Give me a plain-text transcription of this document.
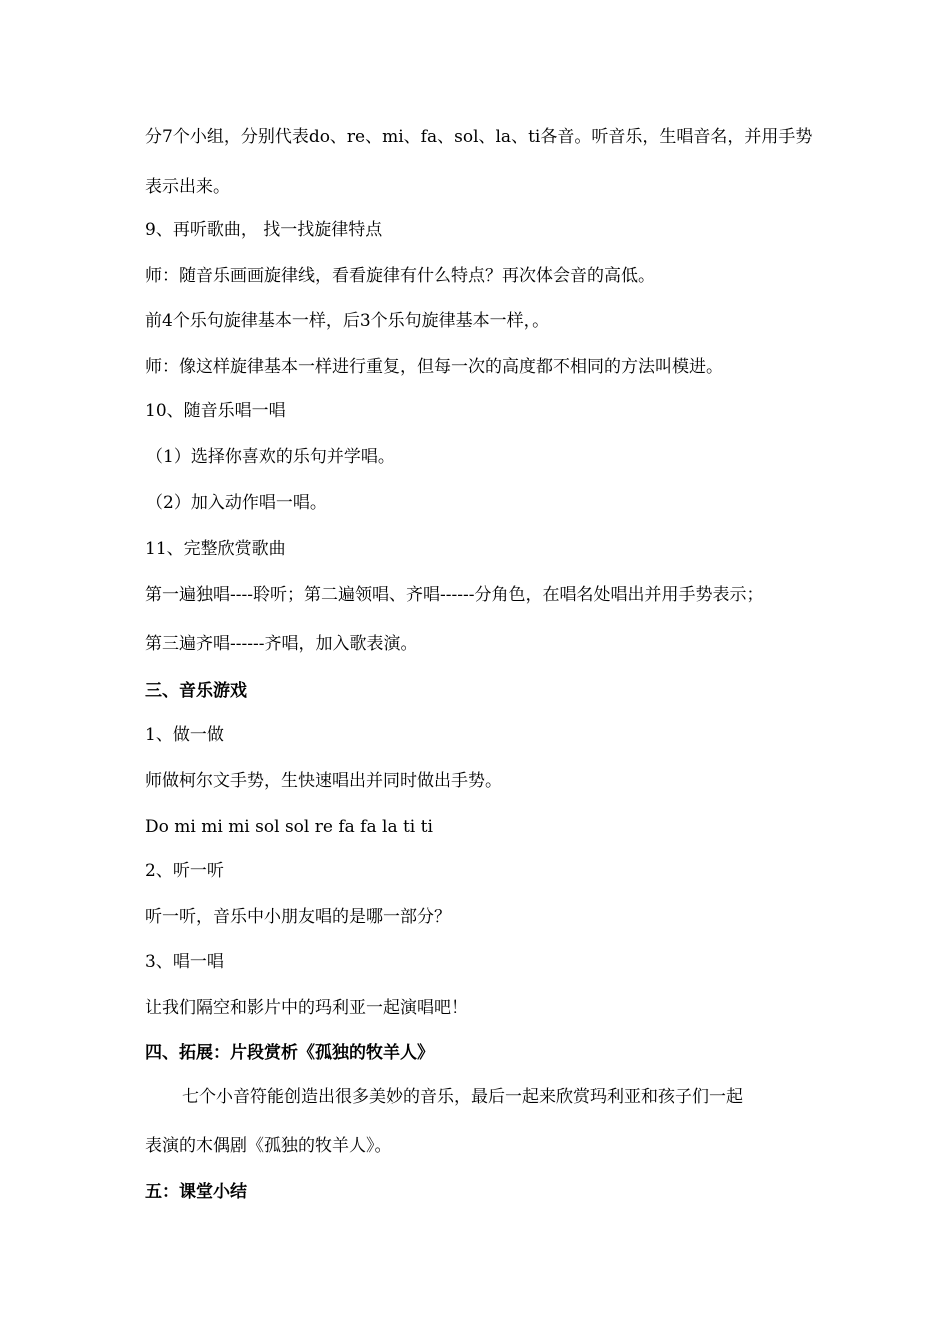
分7个小组，分别代表do、re、mi、fa、sol、la、ti各音。听音乐，生唱音名，并用手势
表示出来。
9、再听歌曲， 找一找旋律特点
师：随音乐画画旋律线，看看旋律有什么特点？再次体会音的高低。
前4个乐句旋律基本一样，后3个乐句旋律基本一样，。
师：像这样旋律基本一样进行重复，但每一次的高度都不相同的方法叫模进。
10、随音乐唱一唱
（1）选择你喜欢的乐句并学唱。
（2）加入动作唱一唱。
11、完整欣赏歌曲
第一遍独唱----聆听；第二遍领唱、齐唱------分角色，在唱名处唱出并用手势表示；
第三遍齐唱------齐唱，加入歌表演。
三、音乐游戏
1、做一做
师做柯尔文手势，生快速唱出并同时做出手势。
Do mi mi mi sol sol re fa fa la ti ti
2、听一听
听一听，音乐中小朋友唱的是哪一部分？
3、唱一唱
让我们隔空和影片中的玛利亚一起演唱吧！
四、拓展：片段赏析《孤独的牧羊人》
七个小音符能创造出很多美妙的音乐，最后一起来欣赏玛利亚和孩子们一起
表演的木偶剧《孤独的牧羊人》。
五：课堂小结
